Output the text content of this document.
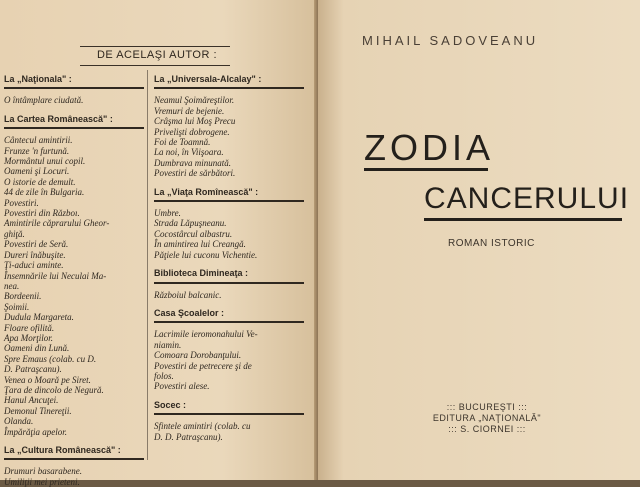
DE ACELAŞI AUTOR :
La „Naţionala" :
O întâmplare ciudată.
La Cartea Românească" :
Cântecul amintirii.
Frunze 'n furtună.
Mormântul unui copil.
Oameni şi Locuri.
O istorie de demult.
44 de zile în Bulgaria.
Povestiri.
Povestiri din Războı.
Amintirile căprarului Gheor-
ghiţă.
Povestiri de Seră.
Dureri înăbuşite.
Ţi-aduci aminte.
Însemnările lui Neculai Ma-
nea.
Bordeenii.
Şoimii.
Dudula Margareta.
Floare ofilită.
Apa Morţilor.
Oameni din Lună.
Spre Emaus (colab. cu D.
D. Patraşcanu).
Venea o Moară pe Siret.
Ţara de dincolo de Negură.
Hanul Ancuţei.
Demonul Tinereţii.
Olanda.
Împărăţia apelor.
La „Cultura Românească" :
Drumuri basarabene.
Umiliţii mei prieteni.
La „Universala-Alcalay" :
Neamul Şoimăreştilor.
Vremuri de bejenie.
Crâşma lui Moş Precu
Privelişti dobrogene.
Foi de Toamnă.
La noi, în Viişoara.
Dumbrava minunată.
Povestiri de sărbători.
La „Viaţa Romînească" :
Umbre.
Strada Lăpuşneanu.
Cocostârcul albastru.
În amintirea lui Creangă.
Păţiele lui cuconu Vichentie.
Biblioteca Dimineaţa :
Războiul balcanic.
Casa Şcoalelor :
Lacrimile ieromonahului Ve-
niamin.
Comoara Dorobanţului.
Povestiri de petrecere şi de
folos.
Povestiri alese.
Socec :
Sfintele amintiri (colab. cu
D. D. Patraşcanu).
MIHAIL SADOVEANU
ZODIA
CANCERULUI
ROMAN ISTORIC
::: BUCUREŞTI :::
EDITURA „NAŢIONALĂ"
::: S. CIORNEI :::
